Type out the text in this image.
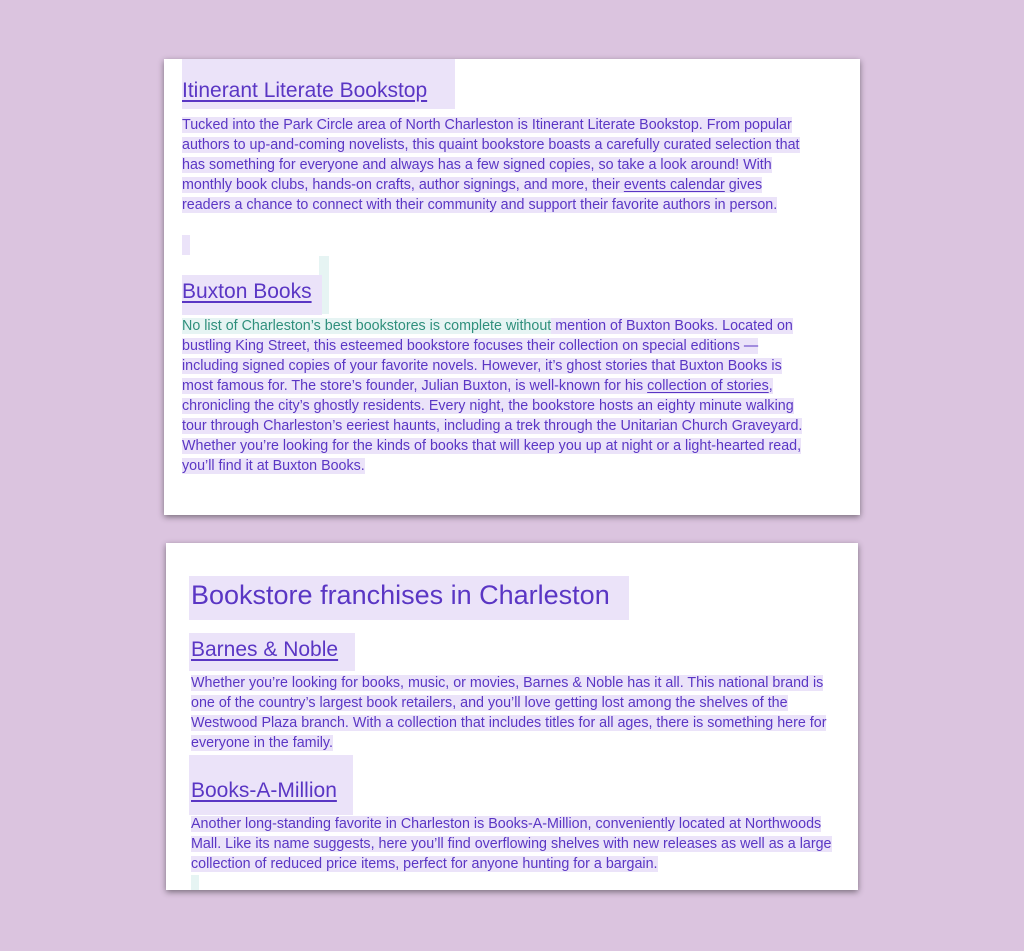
Itinerant Literate Bookstop

Tucked into the Park Circle area of North Charleston is Itinerant Literate Bookstop. From popular authors to up-and-coming novelists, this quaint bookstore boasts a carefully curated selection that has something for everyone and always has a few signed copies, so take a look around! With monthly book clubs, hands-on crafts, author signings, and more, their events calendar gives readers a chance to connect with their community and support their favorite authors in person.

Buxton Books

No list of Charleston’s best bookstores is complete without mention of Buxton Books. Located on bustling King Street, this esteemed bookstore focuses their collection on special editions — including signed copies of your favorite novels. However, it’s ghost stories that Buxton Books is most famous for. The store’s founder, Julian Buxton, is well-known for his collection of stories, chronicling the city’s ghostly residents. Every night, the bookstore hosts an eighty minute walking tour through Charleston’s eeriest haunts, including a trek through the Unitarian Church Graveyard. Whether you’re looking for the kinds of books that will keep you up at night or a light-hearted read, you’ll find it at Buxton Books.

Bookstore franchises in Charleston
Barnes & Noble

Whether you’re looking for books, music, or movies, Barnes & Noble has it all. This national brand is one of the country’s largest book retailers, and you’ll love getting lost among the shelves of the Westwood Plaza branch. With a collection that includes titles for all ages, there is something here for everyone in the family.

Books-A-Million

Another long-standing favorite in Charleston is Books-A-Million, conveniently located at Northwoods Mall. Like its name suggests, here you’ll find overflowing shelves with new releases as well as a large collection of reduced price items, perfect for anyone hunting for a bargain.
